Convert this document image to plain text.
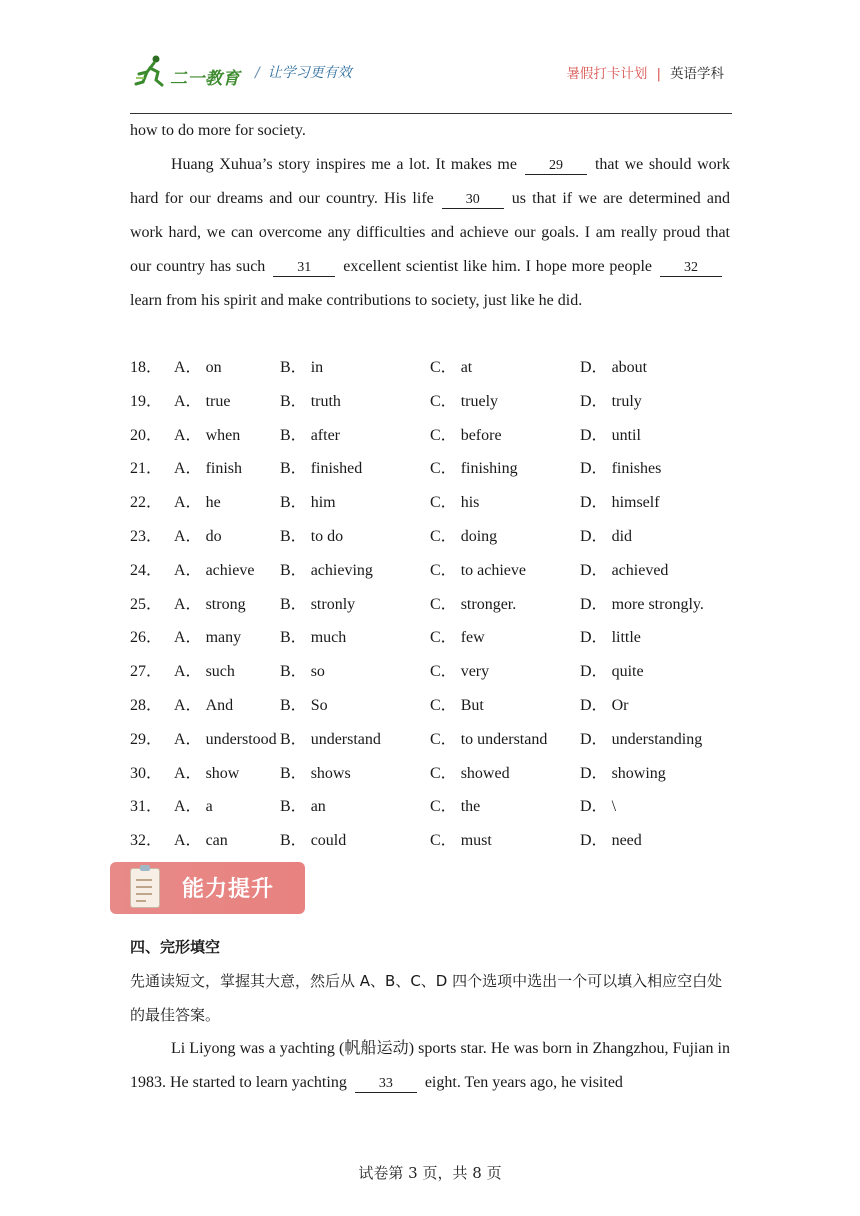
二一教育 / 让学习更有效	暑假打卡计划 | 英语学科

how to do more for society.

Huang Xuhua’s story inspires me a lot. It makes me 29 that we should work hard for our dreams and our country. His life 30 us that if we are determined and work hard, we can overcome any difficulties and achieve our goals. I am really proud that our country has such 31 excellent scientist like him. I hope more people 32learn from his spirit and make contributions to society, just like he did.

18． A． on	B． in	C． at	D． about
19． A． true	B． truth	C． truely	D． truly
20． A． when B． after	C． before	D． until
21． A． finish B． finished	C． finishing	D． finishes
22． A． he	B． him	C． his	D． himself
23． A． do	B． to do	C． doing	D． did
24． A． achieve B． achieving	C． to achieve	D． achieved
25． A． strong B． stronly	C． stronger.	D． more strongly.
26． A． many B． much	C． few	D． little
27． A． such	B． so	C． very	D． quite
28． A． And	B． So	C． But	D． Or
29． A． understood B． understand	C． to understand D． understanding
30． A． show	B． shows	C． showed	D． showing
31． A． a	B． an	C． the	D． \
32． A． can	B． could	C． must	D． need
能力提升

四、完形填空

先通读短文，掌握其大意，然后从 A、B、C、D 四个选项中选出一个可以填入相应空白处的最佳答案。

Li Liyong was a yachting (帆船运动) sports star. He was born in Zhangzhou, Fujian in 1983. He started to learn yachting 33 eight. Ten years ago, he visited

试卷第 3 页，共 8 页
